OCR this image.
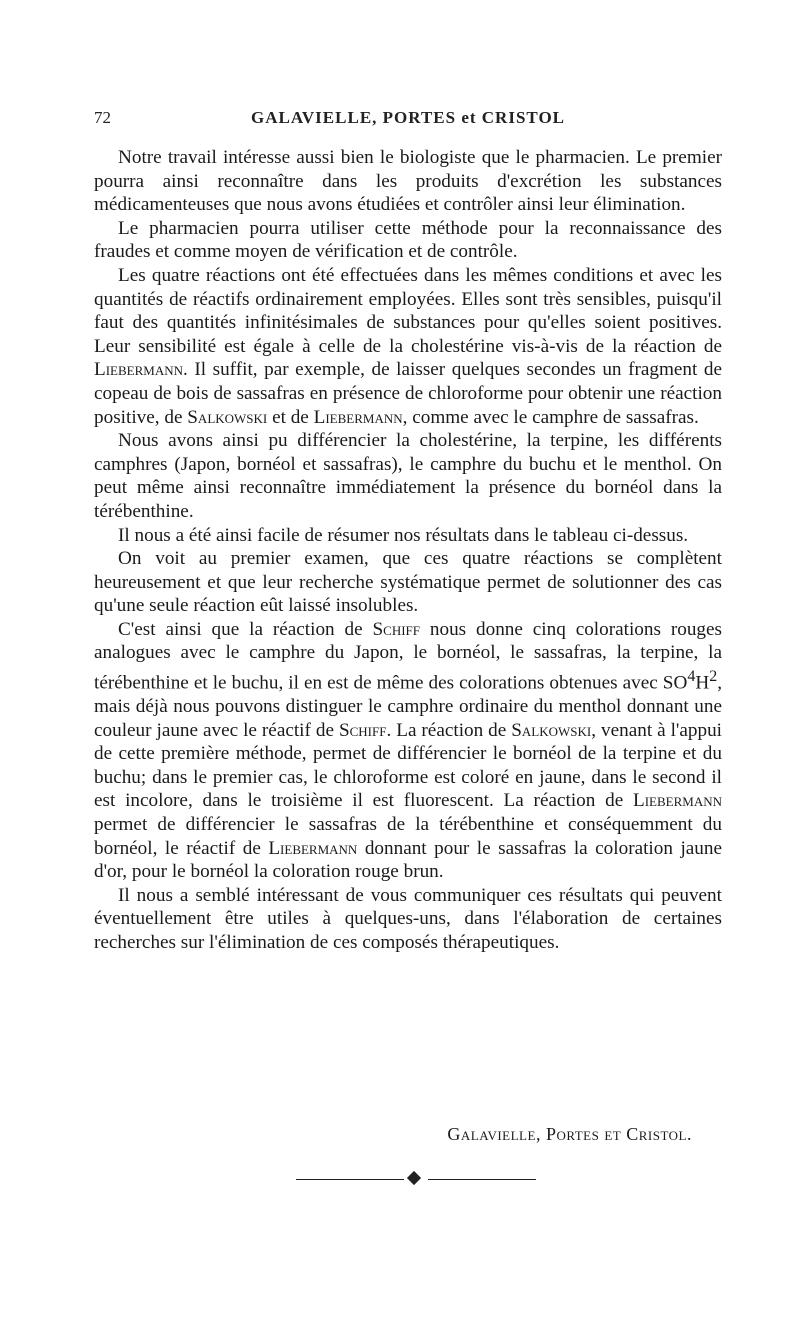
72	GALAVIELLE, PORTES et CRISTOL

Notre travail intéresse aussi bien le biologiste que le pharmacien. Le premier pourra ainsi reconnaître dans les produits d'excrétion les substances médicamenteuses que nous avons étudiées et contrôler ainsi leur élimination.

Le pharmacien pourra utiliser cette méthode pour la reconnaissance des fraudes et comme moyen de vérification et de contrôle.

Les quatre réactions ont été effectuées dans les mêmes conditions et avec les quantités de réactifs ordinairement employées. Elles sont très sensibles, puisqu'il faut des quantités infinitésimales de substances pour qu'elles soient positives. Leur sensibilité est égale à celle de la cholestérine vis-à-vis de la réaction de Liebermann. Il suffit, par exemple, de laisser quelques secondes un fragment de copeau de bois de sassafras en présence de chloroforme pour obtenir une réaction positive, de Salkowski et de Liebermann, comme avec le camphre de sassafras.

Nous avons ainsi pu différencier la cholestérine, la terpine, les différents camphres (Japon, bornéol et sassafras), le camphre du buchu et le menthol. On peut même ainsi reconnaître immédiatement la présence du bornéol dans la térébenthine.

Il nous a été ainsi facile de résumer nos résultats dans le tableau ci-dessus.

On voit au premier examen, que ces quatre réactions se complètent heureusement et que leur recherche systématique permet de solutionner des cas qu'une seule réaction eût laissé insolubles.

C'est ainsi que la réaction de Schiff nous donne cinq colorations rouges analogues avec le camphre du Japon, le bornéol, le sassafras, la terpine, la térébenthine et le buchu, il en est de même des colorations obtenues avec $SO^4H^2$, mais déjà nous pouvons distinguer le camphre ordinaire du menthol donnant une couleur jaune avec le réactif de Schiff. La réaction de Salkowski, venant à l'appui de cette première méthode, permet de différencier le bornéol de la terpine et du buchu; dans le premier cas, le chloroforme est coloré en jaune, dans le second il est incolore, dans le troisième il est fluorescent. La réaction de Liebermann permet de différencier le sassafras de la térébenthine et conséquemment du bornéol, le réactif de Liebermann donnant pour le sassafras la coloration jaune d'or, pour le bornéol la coloration rouge brun.

Il nous a semblé intéressant de vous communiquer ces résultats qui peuvent éventuellement être utiles à quelques-uns, dans l'élaboration de certaines recherches sur l'élimination de ces composés thérapeutiques.

Galavielle, Portes et Cristol.
